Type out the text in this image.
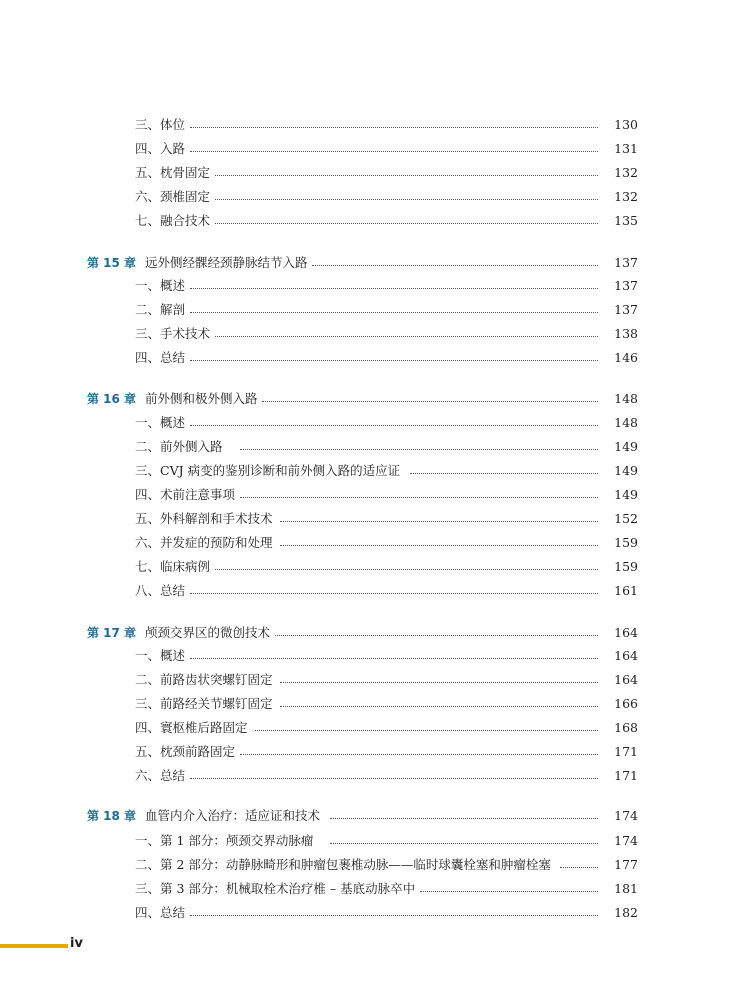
三、体位	130
四、入路	131
五、枕骨固定	132
六、颈椎固定	132
七、融合技术	135
第 15 章 远外侧经髁经颈静脉结节入路	137
一、概述	137
二、解剖	137
三、手术技术	138
四、总结	146
第 16 章 前外侧和极外侧入路	148
一、概述	148
二、前外侧入路	149
三、CVJ 病变的鉴别诊断和前外侧入路的适应证	149
四、术前注意事项	149
五、外科解剖和手术技术	152
六、并发症的预防和处理	159
七、临床病例	159
八、总结	161
第 17 章 颅颈交界区的微创技术	164
一、概述	164
二、前路齿状突螺钉固定	164
三、前路经关节螺钉固定	166
四、寰枢椎后路固定	168
五、枕颈前路固定	171
六、总结	171
第 18 章 血管内介入治疗：适应证和技术	174
一、第 1 部分：颅颈交界动脉瘤	174
二、第 2 部分：动静脉畸形和肿瘤包裹椎动脉——临时球囊栓塞和肿瘤栓塞	177
三、第 3 部分：机械取栓术治疗椎 – 基底动脉卒中	181
四、总结	182
iv
